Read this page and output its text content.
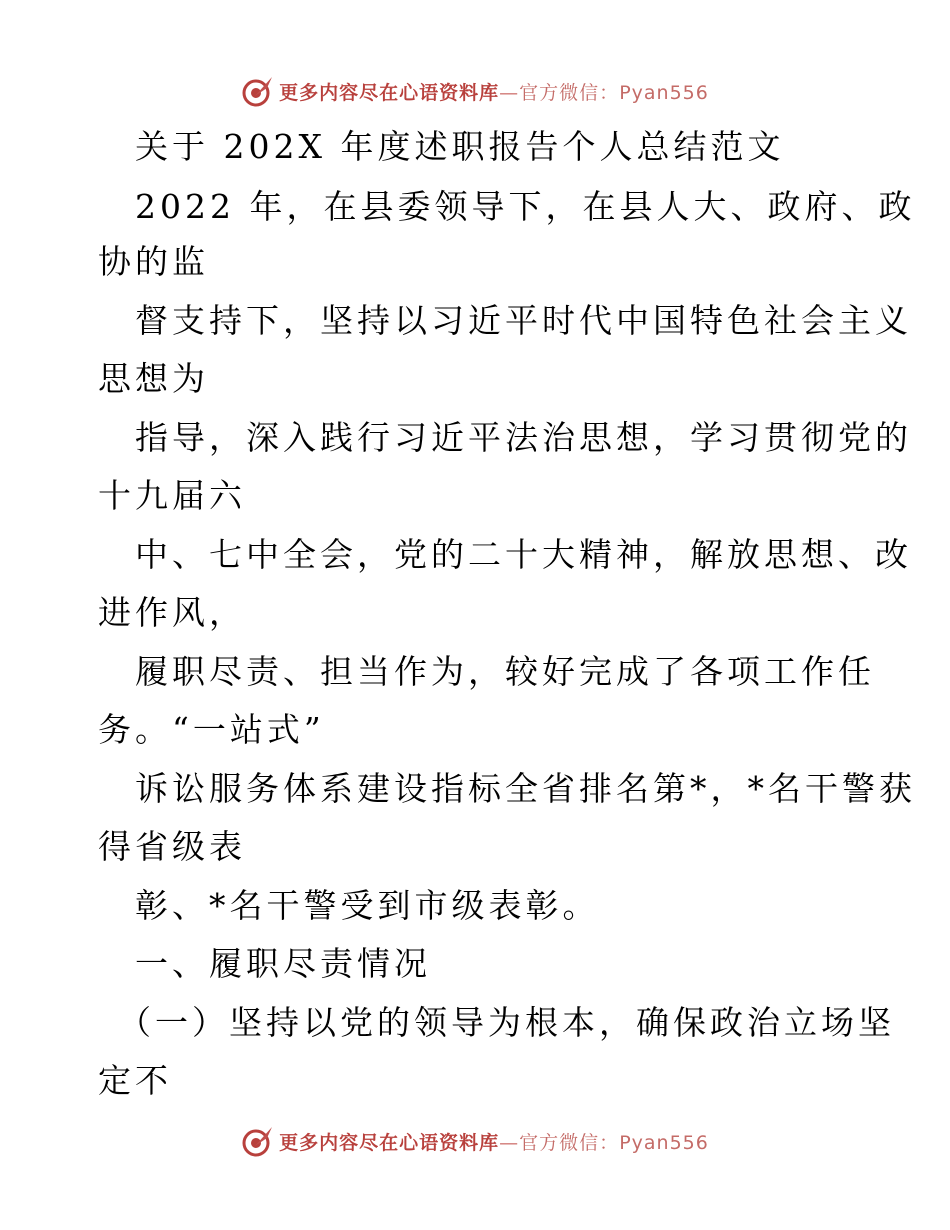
更多内容尽在心语资料库—官方微信：Pyan556
关于 202X 年度述职报告个人总结范文
2022 年，在县委领导下，在县人大、政府、政
协的监
督支持下，坚持以习近平时代中国特色社会主义
思想为
指导，深入践行习近平法治思想，学习贯彻党的
十九届六
中、七中全会，党的二十大精神，解放思想、改
进作风，
履职尽责、担当作为，较好完成了各项工作任
务。“一站式”
诉讼服务体系建设指标全省排名第*，*名干警获
得省级表
彰、*名干警受到市级表彰。
一、履职尽责情况
（一）坚持以党的领导为根本，确保政治立场坚
定不
更多内容尽在心语资料库—官方微信：Pyan556
